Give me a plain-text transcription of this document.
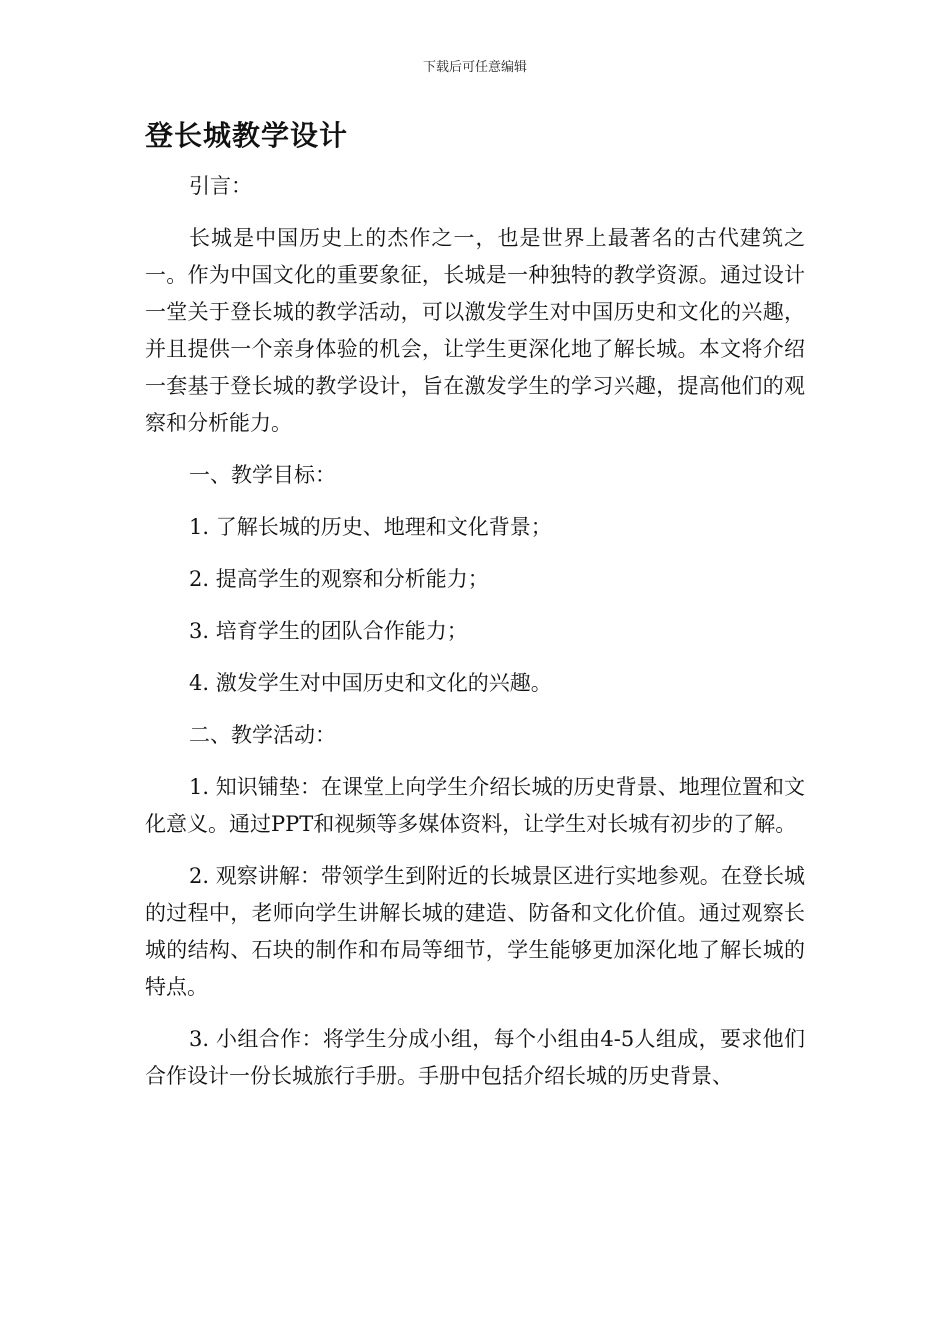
下载后可任意编辑
登长城教学设计

引言：

长城是中国历史上的杰作之一，也是世界上最著名的古代建筑之一。作为中国文化的重要象征，长城是一种独特的教学资源。通过设计一堂关于登长城的教学活动，可以激发学生对中国历史和文化的兴趣，并且提供一个亲身体验的机会，让学生更深化地了解长城。本文将介绍一套基于登长城的教学设计，旨在激发学生的学习兴趣，提高他们的观察和分析能力。

一、教学目标：

1. 了解长城的历史、地理和文化背景；

2. 提高学生的观察和分析能力；

3. 培育学生的团队合作能力；

4. 激发学生对中国历史和文化的兴趣。

二、教学活动：

1. 知识铺垫：在课堂上向学生介绍长城的历史背景、地理位置和文化意义。通过PPT和视频等多媒体资料，让学生对长城有初步的了解。

2. 观察讲解：带领学生到附近的长城景区进行实地参观。在登长城的过程中，老师向学生讲解长城的建造、防备和文化价值。通过观察长城的结构、石块的制作和布局等细节，学生能够更加深化地了解长城的特点。

3. 小组合作：将学生分成小组，每个小组由4-5人组成，要求他们合作设计一份长城旅行手册。手册中包括介绍长城的历史背景、
